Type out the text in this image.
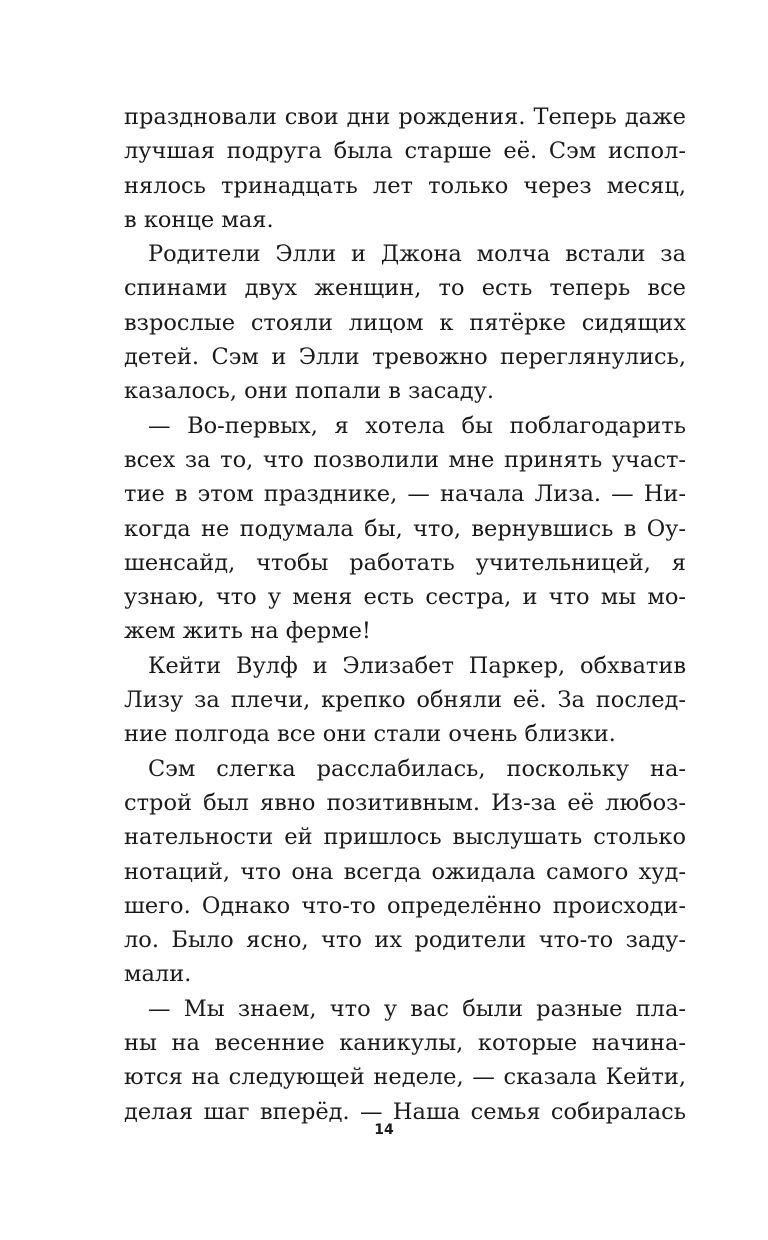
праздновали свои дни рождения. Теперь даже
лучшая подруга была старше её. Сэм испол-
нялось тринадцать лет только через месяц,
в конце мая.
Родители Элли и Джона молча встали за
спинами двух женщин, то есть теперь все
взрослые стояли лицом к пятёрке сидящих
детей. Сэм и Элли тревожно переглянулись,
казалось, они попали в засаду.
— Во-первых, я хотела бы поблагодарить
всех за то, что позволили мне принять участ-
тие в этом празднике, — начала Лиза. — Ни-
когда не подумала бы, что, вернувшись в Оу-
шенсайд, чтобы работать учительницей, я
узнаю, что у меня есть сестра, и что мы мо-
жем жить на ферме!
Кейти Вулф и Элизабет Паркер, обхватив
Лизу за плечи, крепко обняли её. За послед-
ние полгода все они стали очень близки.
Сэм слегка расслабилась, поскольку на-
строй был явно позитивным. Из-за её любоз-
нательности ей пришлось выслушать столько
нотаций, что она всегда ожидала самого худ-
шего. Однако что-то определённо происходи-
ло. Было ясно, что их родители что-то заду-
мали.
— Мы знаем, что у вас были разные пла-
ны на весенние каникулы, которые начина-
ются на следующей неделе, — сказала Кейти,
делая шаг вперёд. — Наша семья собиралась
14
